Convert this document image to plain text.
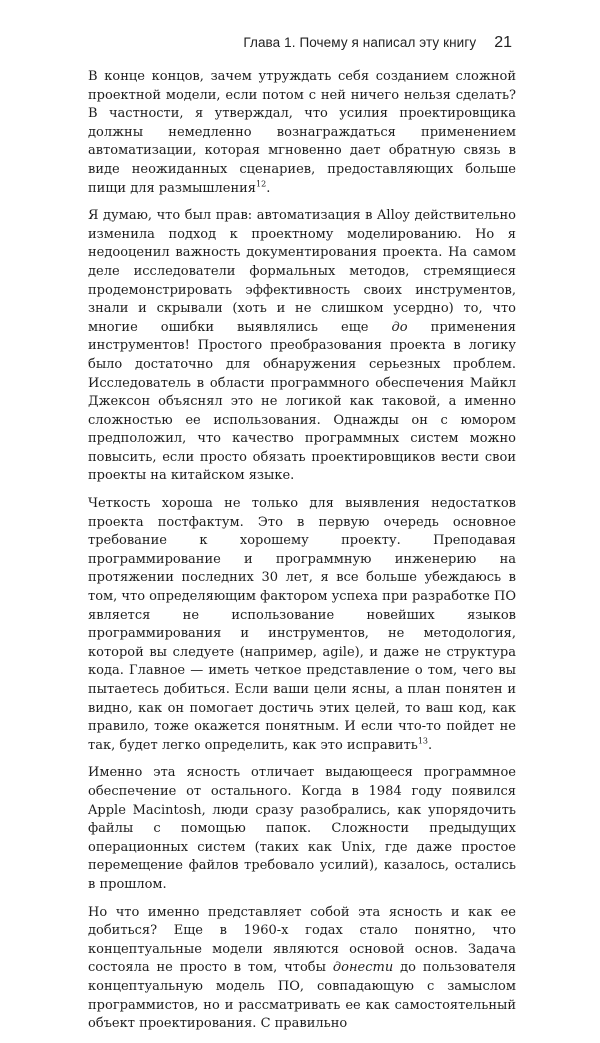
Глава 1. Почему я написал эту книгу 21

В конце концов, зачем утруждать себя созданием сложной проектной модели, если потом с ней ничего нельзя сделать? В частности, я утверждал, что усилия проектировщика должны немедленно вознаграждаться применением автоматизации, которая мгновенно дает обратную связь в виде неожиданных сценариев, предоставляющих больше пищи для размышления$^{12}$.

Я думаю, что был прав: автоматизация в Alloy действительно изменила подход к проектному моделированию. Но я недооценил важность документирования проекта. На самом деле исследователи формальных методов, стремящиеся продемонстрировать эффективность своих инструментов, знали и скрывали (хоть и не слишком усердно) то, что многие ошибки выявлялись еще до применения инструментов! Простого преобразования проекта в логику было достаточно для обнаружения серьезных проблем. Исследователь в области программного обеспечения Майкл Джексон объяснял это не логикой как таковой, а именно сложностью ее использования. Однажды он с юмором предположил, что качество программных систем можно повысить, если просто обязать проектировщиков вести свои проекты на китайском языке.

Четкость хороша не только для выявления недостатков проекта постфактум. Это в первую очередь основное требование к хорошему проекту. Преподавая программирование и программную инженерию на протяжении последних 30 лет, я все больше убеждаюсь в том, что определяющим фактором успеха при разработке ПО является не использование новейших языков программирования и инструментов, не методология, которой вы следуете (например, agile), и даже не структура кода. Главное — иметь четкое представление о том, чего вы пытаетесь добиться. Если ваши цели ясны, а план понятен и видно, как он помогает достичь этих целей, то ваш код, как правило, тоже окажется понятным. И если что-то пойдет не так, будет легко определить, как это исправить$^{13}$.

Именно эта ясность отличает выдающееся программное обеспечение от остального. Когда в 1984 году появился Apple Macintosh, люди сразу разобрались, как упорядочить файлы с помощью папок. Сложности предыдущих операционных систем (таких как Unix, где даже простое перемещение файлов требовало усилий), казалось, остались в прошлом.

Но что именно представляет собой эта ясность и как ее добиться? Еще в 1960-х годах стало понятно, что концептуальные модели являются основой основ. Задача состояла не просто в том, чтобы донести до пользователя концептуальную модель ПО, совпадающую с замыслом программистов, но и рассматривать ее как самостоятельный объект проектирования. С правильно
